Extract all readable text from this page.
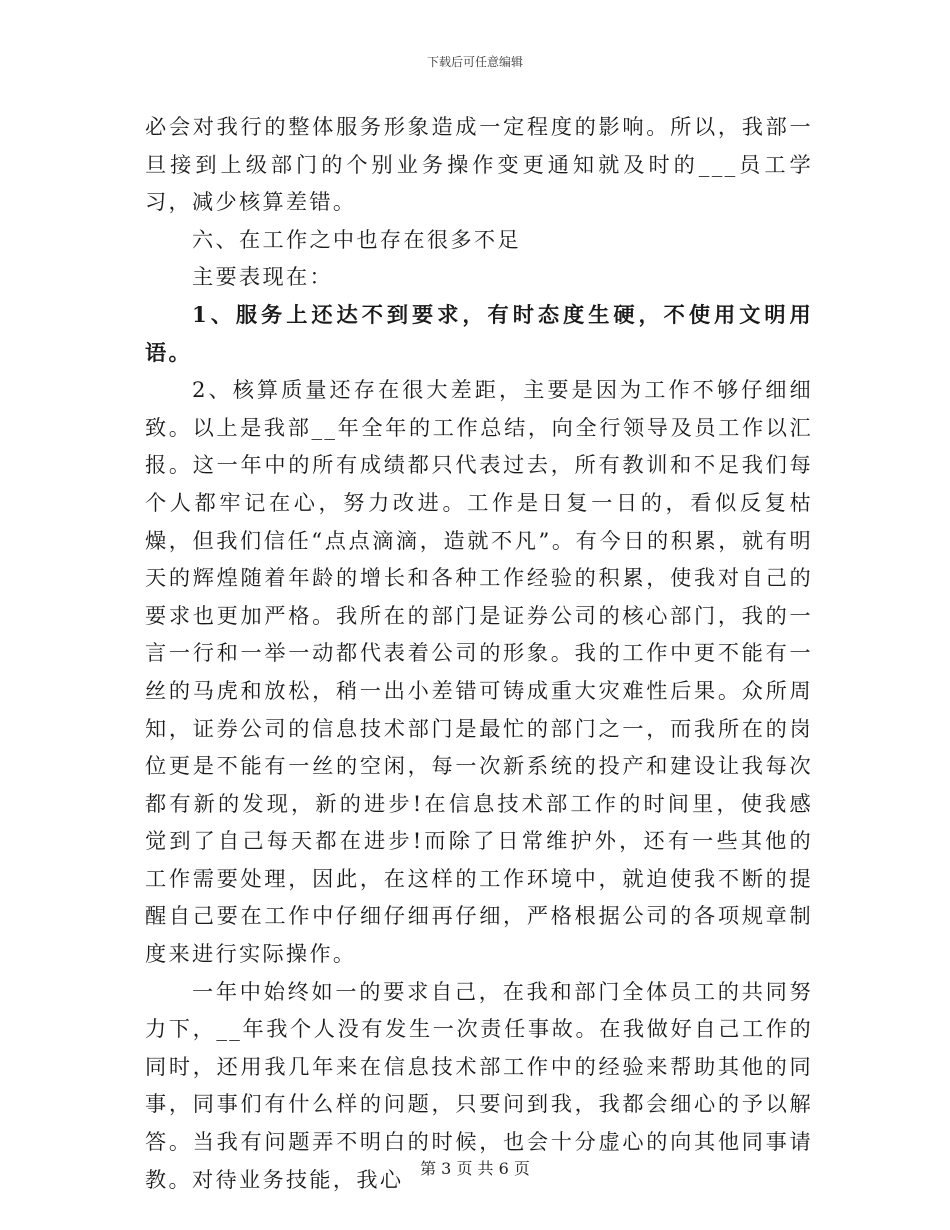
下载后可任意编辑

必会对我行的整体服务形象造成一定程度的影响。所以，我部一旦接到上级部门的个别业务操作变更通知就及时的___员工学习，减少核算差错。

六、在工作之中也存在很多不足

主要表现在：

1、服务上还达不到要求，有时态度生硬，不使用文明用语。

2、核算质量还存在很大差距，主要是因为工作不够仔细细致。以上是我部__年全年的工作总结，向全行领导及员工作以汇报。这一年中的所有成绩都只代表过去，所有教训和不足我们每个人都牢记在心，努力改进。工作是日复一日的，看似反复枯燥，但我们信任“点点滴滴，造就不凡”。有今日的积累，就有明天的辉煌随着年龄的增长和各种工作经验的积累，使我对自己的要求也更加严格。我所在的部门是证券公司的核心部门，我的一言一行和一举一动都代表着公司的形象。我的工作中更不能有一丝的马虎和放松，稍一出小差错可铸成重大灾难性后果。众所周知，证券公司的信息技术部门是最忙的部门之一，而我所在的岗位更是不能有一丝的空闲，每一次新系统的投产和建设让我每次都有新的发现，新的进步!在信息技术部工作的时间里，使我感觉到了自己每天都在进步!而除了日常维护外，还有一些其他的工作需要处理，因此，在这样的工作环境中，就迫使我不断的提醒自己要在工作中仔细仔细再仔细，严格根据公司的各项规章制度来进行实际操作。

一年中始终如一的要求自己，在我和部门全体员工的共同努力下，__年我个人没有发生一次责任事故。在我做好自己工作的同时，还用我几年来在信息技术部工作中的经验来帮助其他的同事，同事们有什么样的问题，只要问到我，我都会细心的予以解答。当我有问题弄不明白的时候，也会十分虚心的向其他同事请教。对待业务技能，我心	第 3 页 共 6 页
